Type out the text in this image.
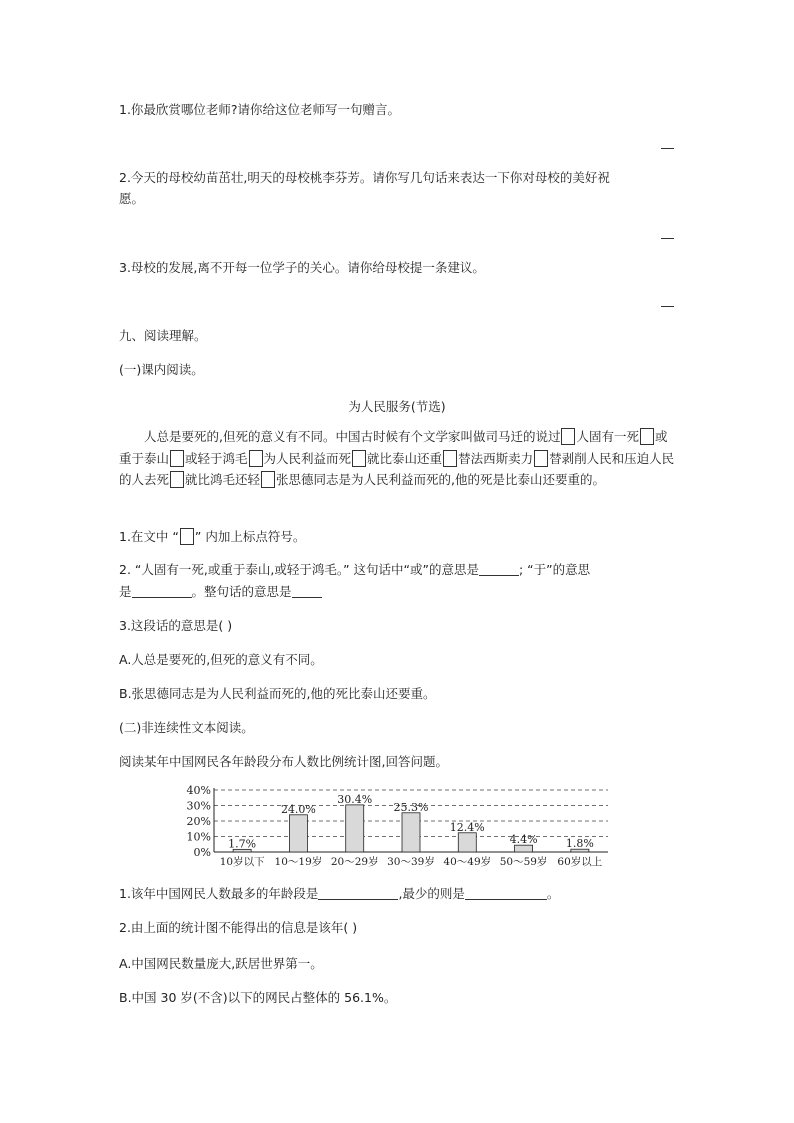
1.你最欣赏哪位老师?请你给这位老师写一句赠言。
2.今天的母校幼苗茁壮,明天的母校桃李芬芳。请你写几句话来表达一下你对母校的美好祝
愿。
3.母校的发展,离不开每一位学子的关心。请你给母校提一条建议。
九、阅读理解。
(一)课内阅读。
为人民服务(节选)
人总是要死的,但死的意义有不同。中国古时候有个文学家叫做司马迁的说过 人固有一死 或重于泰山 或轻于鸿毛 为人民利益而死 就比泰山还重 替法西斯卖力 替剥削人民和压迫人民的人去死 就比鸿毛还轻 张思德同志是为人民利益而死的,他的死是比泰山还要重的。
1.在文中 “ ” 内加上标点符号。
2. “人固有一死,或重于泰山,或轻于鸿毛。” 这句话中“或”的意思是	; “于”的意思
是	。整句话的意思是
3.这段话的意思是( )
A.人总是要死的,但死的意义有不同。
B.张思德同志是为人民利益而死的,他的死比泰山还要重。
(二)非连续性文本阅读。
阅读某年中国网民各年龄段分布人数比例统计图,回答问题。
0%
10%
20%
30%
40%
1.7%
10岁以下
24.0%
10～19岁
30.4%
20～29岁
25.3%
30～39岁
12.4%
40～49岁
4.4%
50～59岁
1.8%
60岁以上
1.该年中国网民人数最多的年龄段是	,最少的则是	。
2.由上面的统计图不能得出的信息是该年( )
A.中国网民数量庞大,跃居世界第一。
B.中国 30 岁(不含)以下的网民占整体的 56.1%。
